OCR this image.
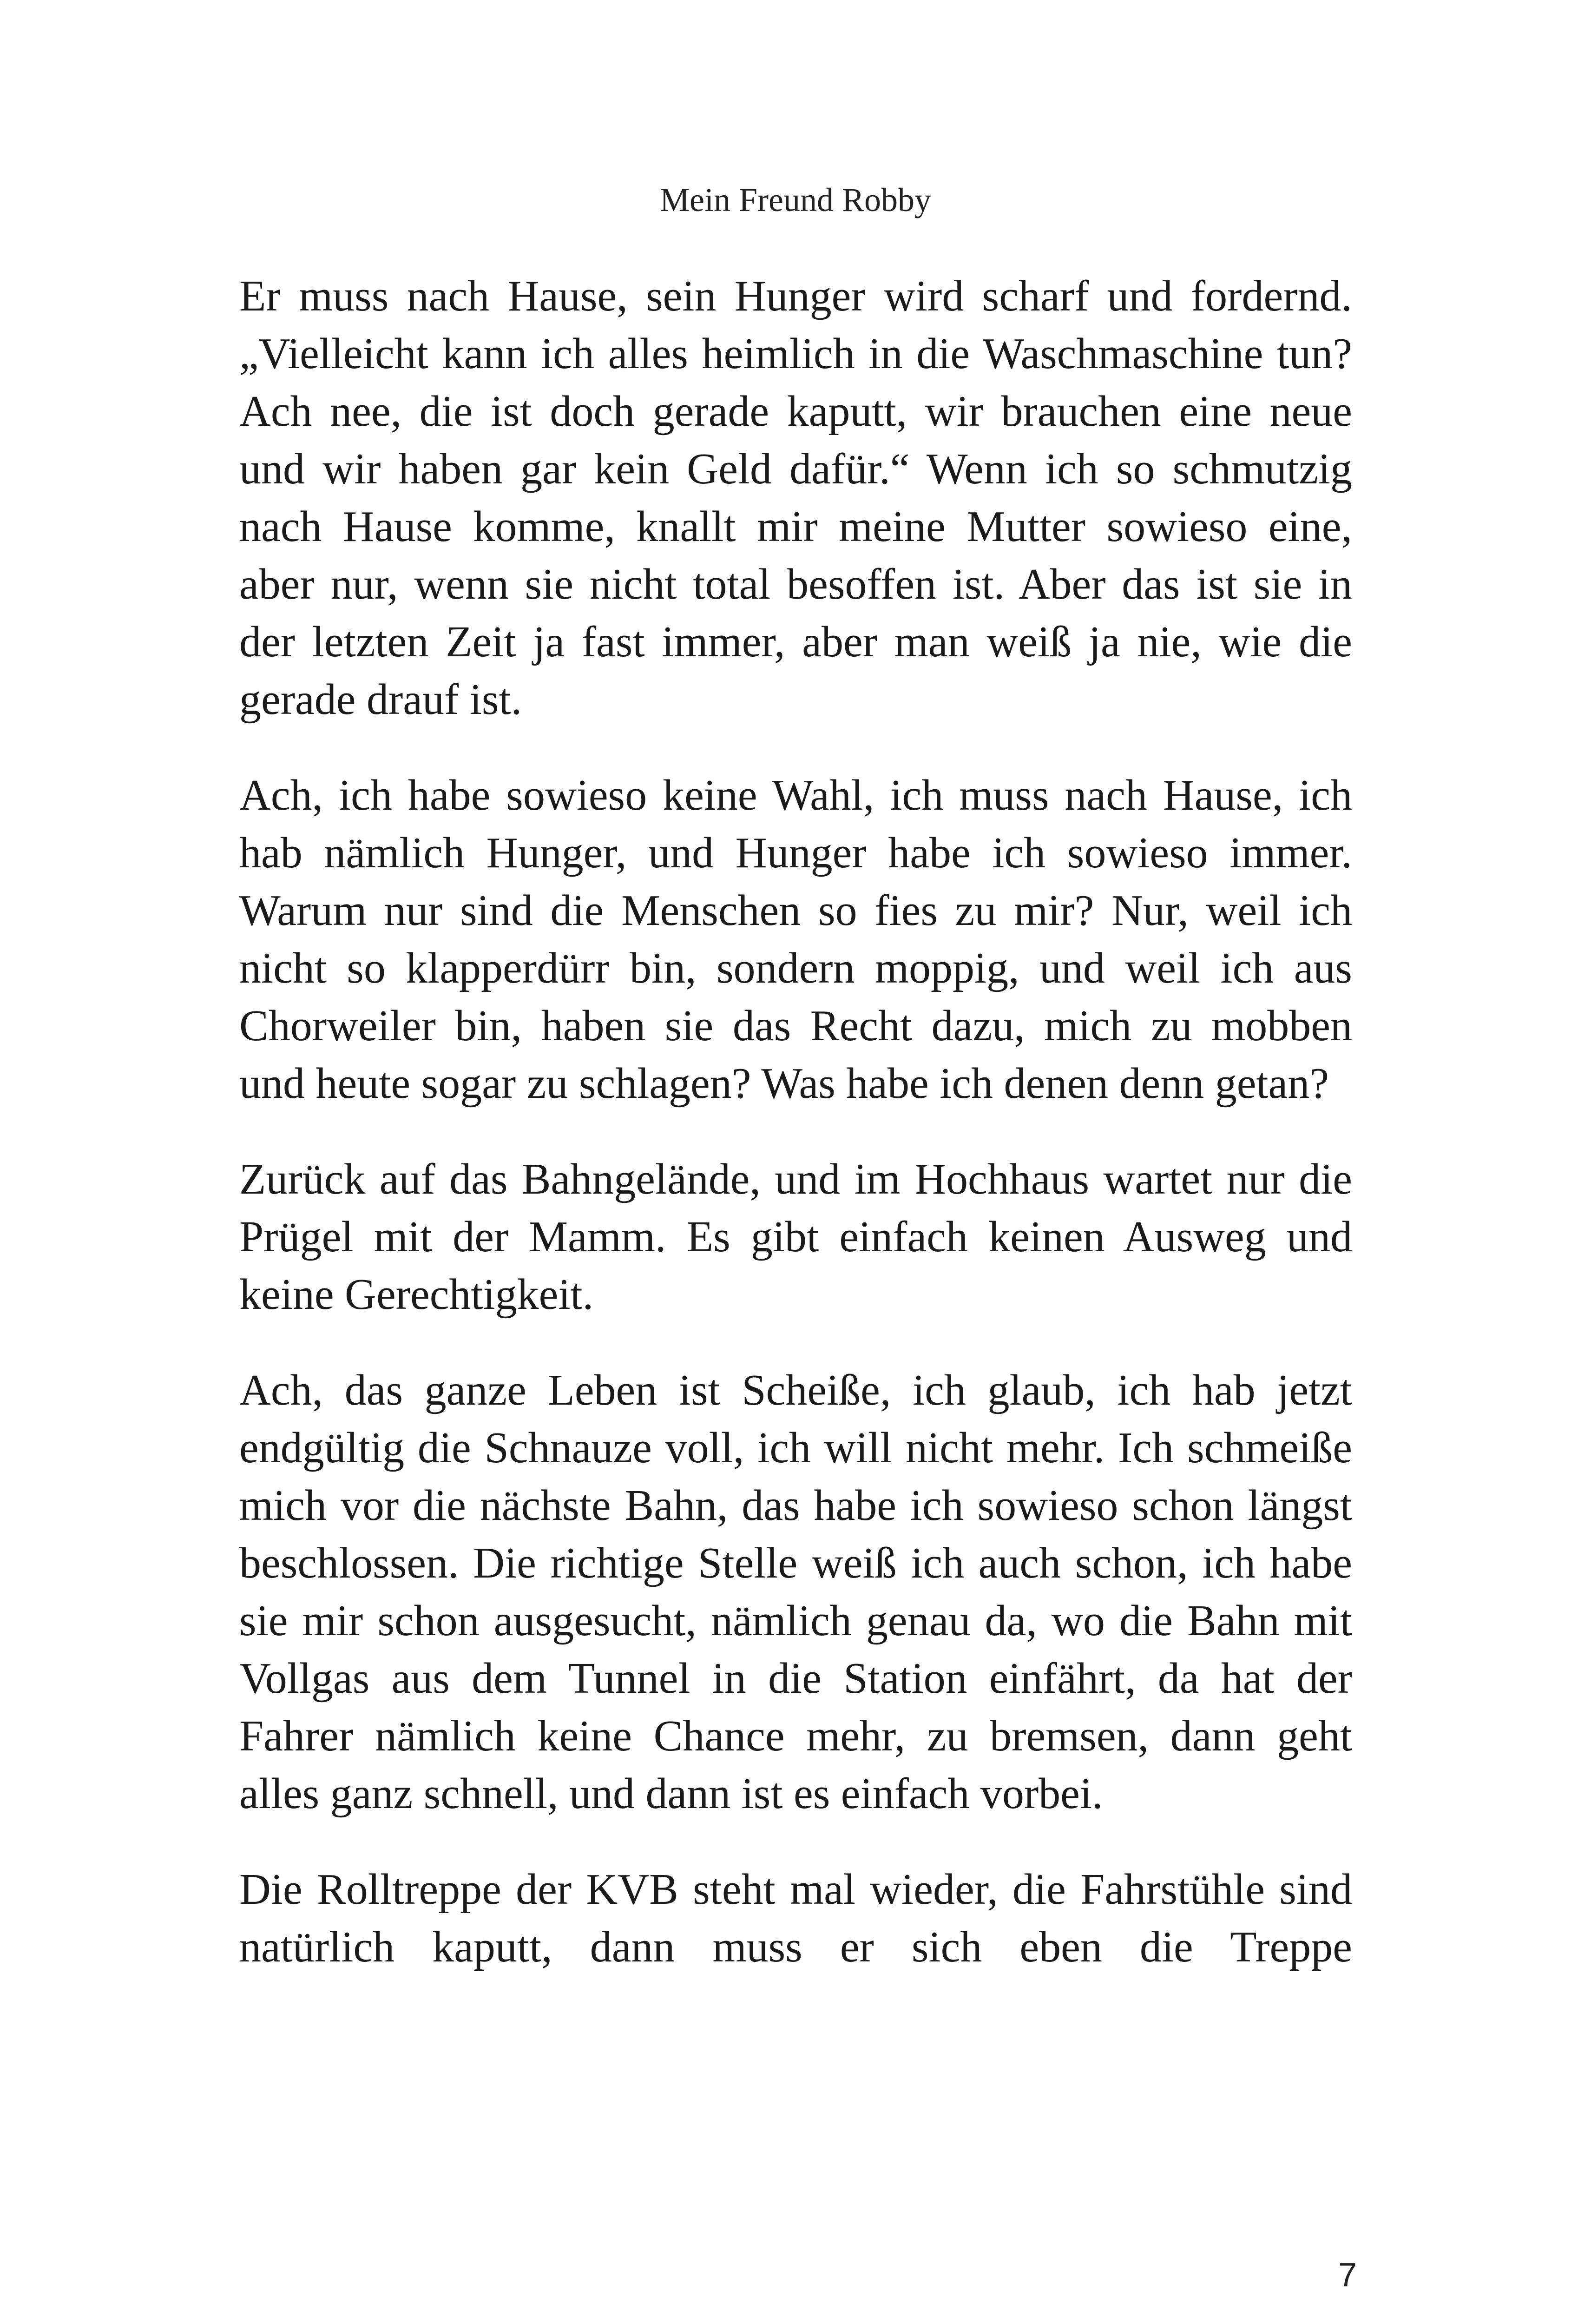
Mein Freund Robby

Er muss nach Hause, sein Hunger wird scharf und fordernd. „Vielleicht kann ich alles heimlich in die Waschmaschine tun? Ach nee, die ist doch gerade kaputt, wir brauchen eine neue und wir haben gar kein Geld dafür.“ Wenn ich so schmutzig nach Hause komme, knallt mir meine Mutter sowieso eine, aber nur, wenn sie nicht total besoffen ist. Aber das ist sie in der letzten Zeit ja fast immer, aber man weiß ja nie, wie die gerade drauf ist.

Ach, ich habe sowieso keine Wahl, ich muss nach Hause, ich hab nämlich Hunger, und Hunger habe ich sowieso immer. Warum nur sind die Menschen so fies zu mir? Nur, weil ich nicht so klapperdürr bin, sondern moppig, und weil ich aus Chorweiler bin, haben sie das Recht dazu, mich zu mobben und heute sogar zu schlagen? Was habe ich denen denn getan?

Zurück auf das Bahngelände, und im Hochhaus wartet nur die Prügel mit der Mamm. Es gibt einfach keinen Ausweg und keine Gerechtigkeit.

Ach, das ganze Leben ist Scheiße, ich glaub, ich hab jetzt endgültig die Schnauze voll, ich will nicht mehr. Ich schmeiße mich vor die nächste Bahn, das habe ich sowieso schon längst beschlossen. Die richtige Stelle weiß ich auch schon, ich habe sie mir schon ausgesucht, nämlich genau da, wo die Bahn mit Vollgas aus dem Tunnel in die Station einfährt, da hat der Fahrer nämlich keine Chance mehr, zu bremsen, dann geht alles ganz schnell, und dann ist es einfach vorbei.

Die Rolltreppe der KVB steht mal wieder, die Fahrstühle sind natürlich kaputt, dann muss er sich eben die Treppe

7
